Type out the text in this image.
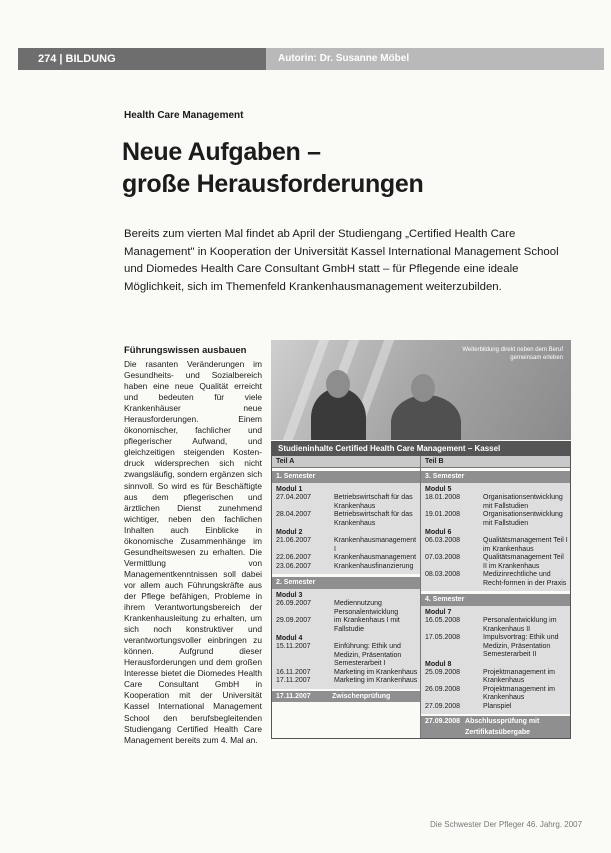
274 | BILDUNG	Autorin: Dr. Susanne Möbel
Health Care Management
Neue Aufgaben –
große Herausforderungen
Bereits zum vierten Mal findet ab April der Studiengang „Certified Health Care Management" in Kooperation der Universität Kassel International Management School und Diomedes Health Care Consultant GmbH statt – für Pflegende eine ideale Möglichkeit, sich im Themenfeld Krankenhausmanagement weiterzubilden.
Führungswissen ausbauen

Die rasanten Veränderungen im Gesundheits- und Sozialbereich haben eine neue Qualität erreicht und bedeuten für viele Krankenhäuser neue Herausforderungen. Einem ökonomischer, fachlicher und pflegerischer Aufwand, und gleichzeitigen steigenden Kosten-druck widersprechen sich nicht zwangsläufig, sondern ergänzen sich sinnvoll. So wird es für Beschäftigte aus dem pflegerischen und ärztlichen Dienst zunehmend wichtiger, neben den fachlichen Inhalten auch Einblicke in ökonomische Zusammenhänge im Gesundheitswesen zu erhalten. Die Vermittlung von Managementkenntnissen soll dabei vor allem auch Führungskräfte aus der Pflege befähigen, Probleme in ihrem Verantwortungsbereich der Krankenhausleitung zu erhalten, um sich noch konstruktiver und verantwortungsvoller einbringen zu können. Aufgrund dieser Herausforderungen und dem großen Interesse bietet die Diomedes Health Care Consultant GmbH in Kooperation mit der Universität Kassel International Management School den berufsbegleitenden Studiengang Certified Health Care Management bereits zum 4. Mal an.

Weiterbildung direkt neben dem Beruf gemeinsam erleben
Studieninhalte Certified Health Care Management – Kassel
Teil A
1. Semester
Modul 1
27.04.2007	Betriebswirtschaft für das Krankenhaus
28.04.2007	Betriebswirtschaft für das Krankenhaus
Modul 2
21.06.2007	Krankenhausmanagement I
22.06.2007	Krankenhausmanagement
23.06.2007	Krankenhausfinanzierung
2. Semester
Modul 3
26.09.2007	Mediennutzung Personalentwicklung
29.09.2007	im Krankenhaus I mit Fallstudie
Modul 4
15.11.2007	Einführung: Ethik und Medizin, Präsentation Semesterarbeit I
16.11.2007	Marketing im Krankenhaus
17.11.2007	Marketing im Krankenhaus
17.11.2007	Zwischenprüfung
Teil B
3. Semester
Modul 5
18.01.2008	Organisationsentwicklung mit Fallstudien
19.01.2008	Organisationsentwicklung mit Fallstudien
Modul 6
06.03.2008	Qualitätsmanagement Teil I im Krankenhaus
07.03.2008	Qualitätsmanagement Teil II im Krankenhaus
08.03.2008	Medizinrechtliche und Recht-formen in der Praxis
4. Semester
Modul 7
16.05.2008	Personalentwicklung im Krankenhaus II
17.05.2008	Impulsvortrag: Ethik und Medizin, Präsentation Semesterarbeit II
Modul 8
25.09.2008	Projektmanagement im Krankenhaus
26.09.2008	Projektmanagement im Krankenhaus
27.09.2008	Planspiel
27.09.2008 Abschlussprüfung mit Zertifikatsübergabe
Die Schwester Der Pfleger 46. Jahrg. 2007
